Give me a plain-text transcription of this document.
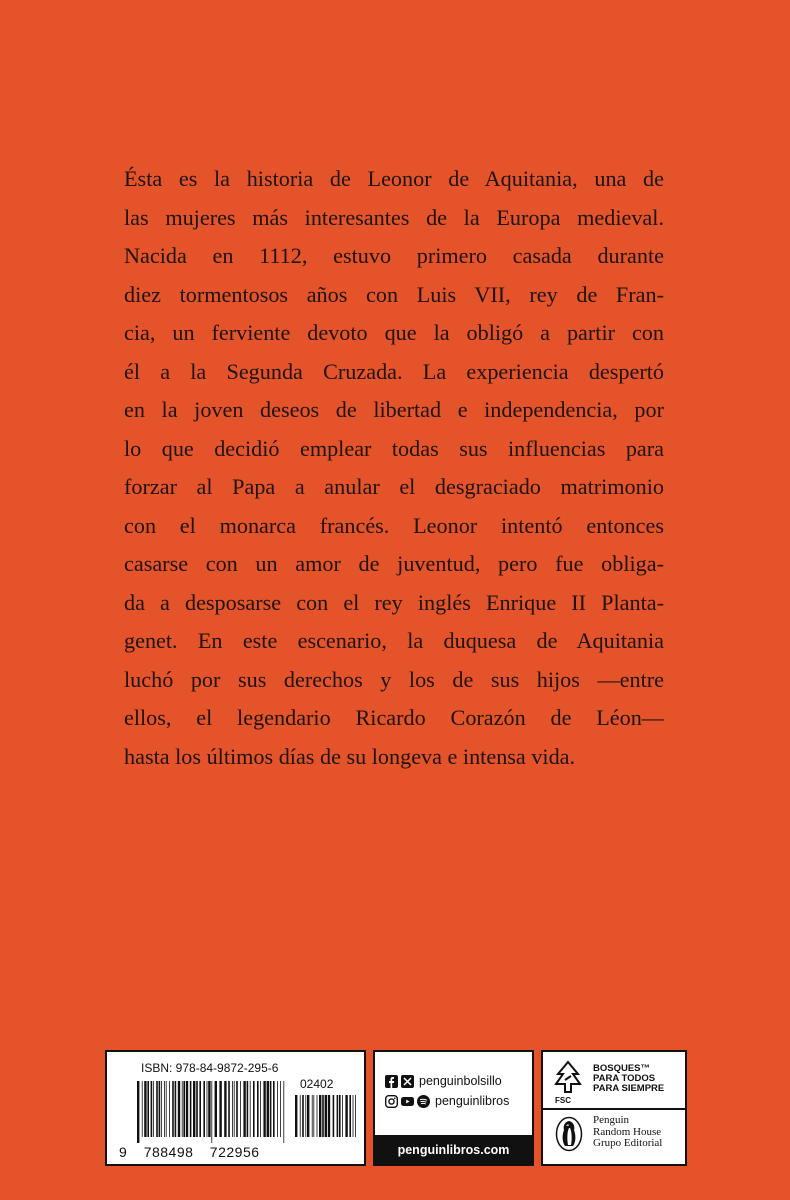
Ésta es la historia de Leonor de Aquitania, una de
las mujeres más interesantes de la Europa medieval.
Nacida en 1112, estuvo primero casada durante
diez tormentosos años con Luis VII, rey de Fran-
cia, un ferviente devoto que la obligó a partir con
él a la Segunda Cruzada. La experiencia despertó
en la joven deseos de libertad e independencia, por
lo que decidió emplear todas sus influencias para
forzar al Papa a anular el desgraciado matrimonio
con el monarca francés. Leonor intentó entonces
casarse con un amor de juventud, pero fue obliga-
da a desposarse con el rey inglés Enrique II Planta-
genet. En este escenario, la duquesa de Aquitania
luchó por sus derechos y los de sus hijos —entre
ellos, el legendario Ricardo Corazón de Léon—
hasta los últimos días de su longeva e intensa vida.
ISBN: 978-84-9872-295-6
02402
9 788498 722956
penguinbolsillo
penguinlibros
penguinlibros.com
FSC
BOSQUES™
PARA TODOS
PARA SIEMPRE
Penguin
Random House
Grupo Editorial
